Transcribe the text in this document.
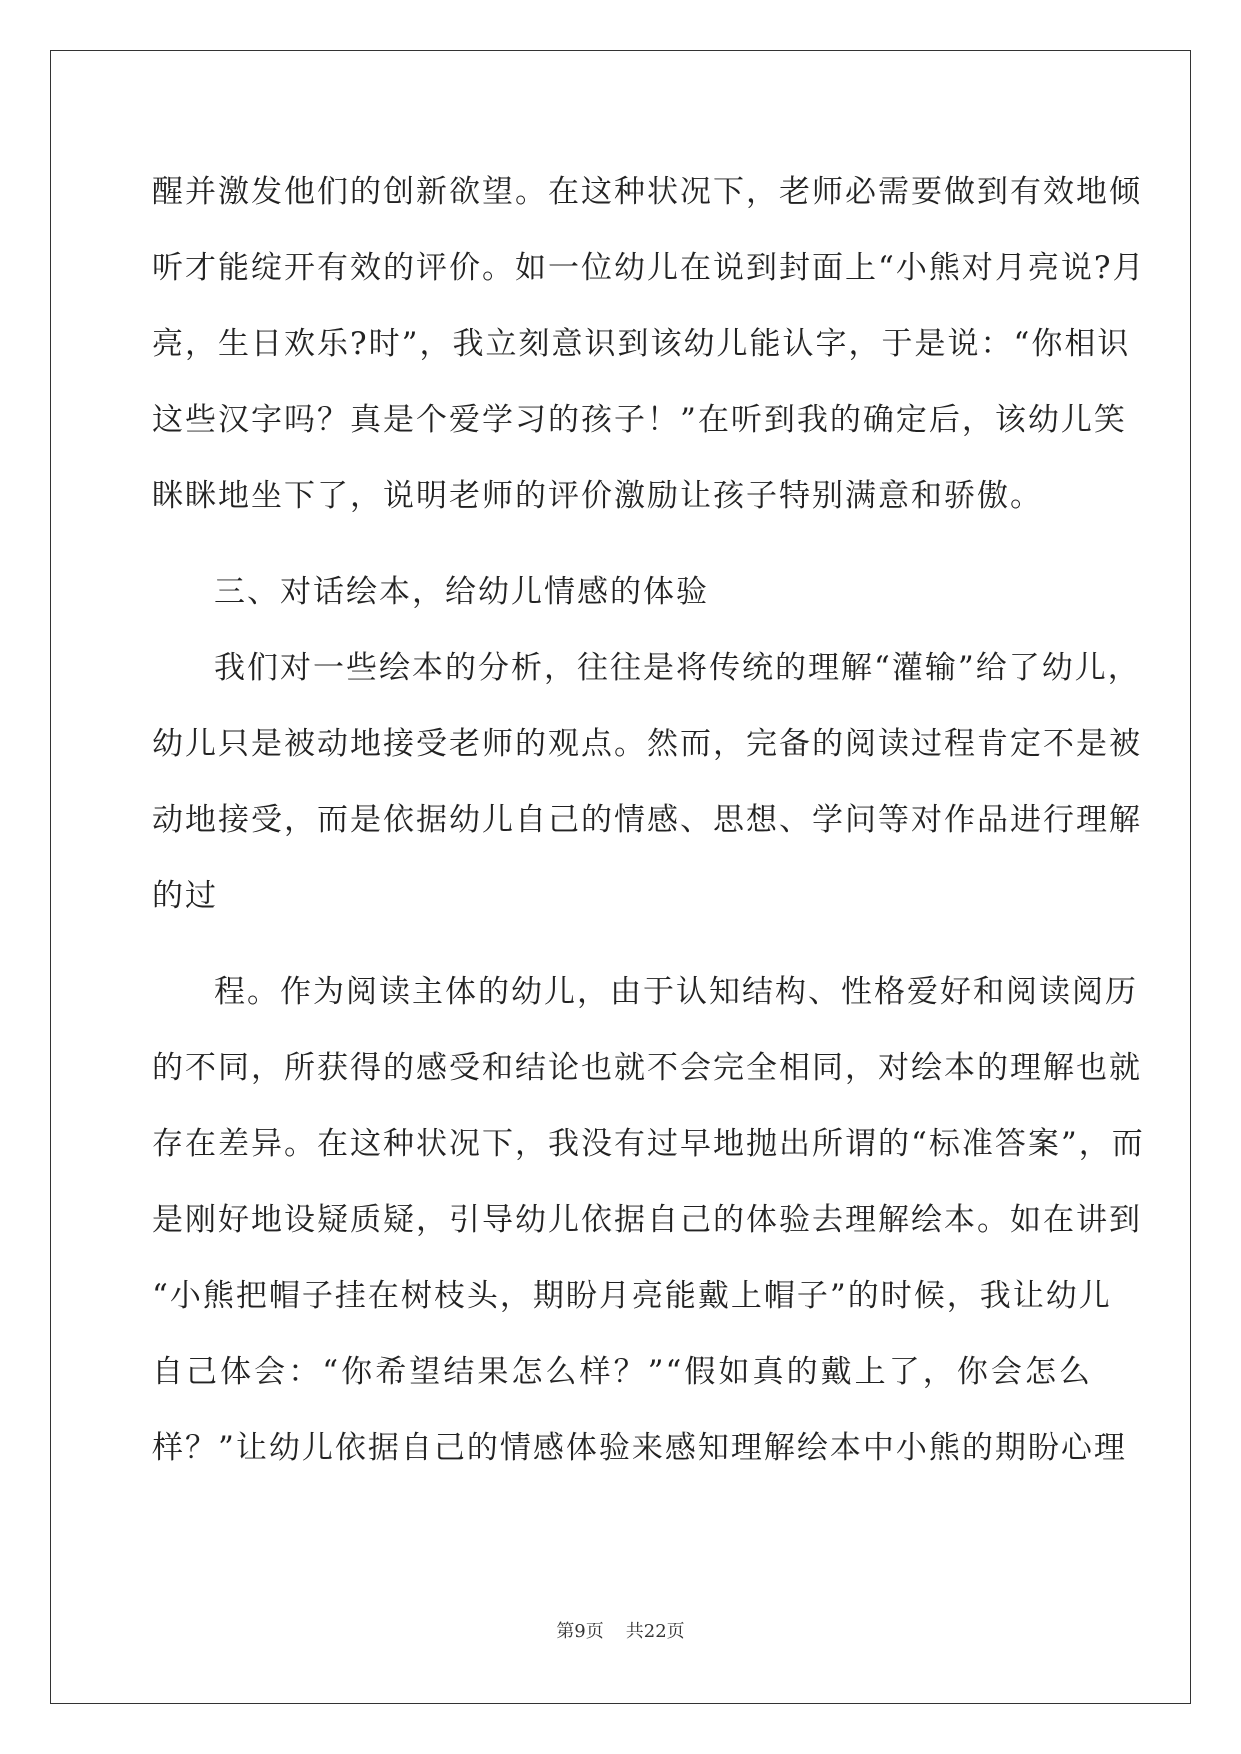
醒并激发他们的创新欲望。在这种状况下，老师必需要做到有效地倾
听才能绽开有效的评价。如一位幼儿在说到封面上“小熊对月亮说?月
亮，生日欢乐?时”，我立刻意识到该幼儿能认字，于是说：“你相识
这些汉字吗？真是个爱学习的孩子！”在听到我的确定后，该幼儿笑
眯眯地坐下了，说明老师的评价激励让孩子特别满意和骄傲。
三、对话绘本，给幼儿情感的体验
我们对一些绘本的分析，往往是将传统的理解“灌输”给了幼儿，
幼儿只是被动地接受老师的观点。然而，完备的阅读过程肯定不是被
动地接受，而是依据幼儿自己的情感、思想、学问等对作品进行理解
的过
程。作为阅读主体的幼儿，由于认知结构、性格爱好和阅读阅历
的不同，所获得的感受和结论也就不会完全相同，对绘本的理解也就
存在差异。在这种状况下，我没有过早地抛出所谓的“标准答案”，而
是刚好地设疑质疑，引导幼儿依据自己的体验去理解绘本。如在讲到
“小熊把帽子挂在树枝头，期盼月亮能戴上帽子”的时候，我让幼儿
自己体会：“你希望结果怎么样？”“假如真的戴上了，你会怎么
样？”让幼儿依据自己的情感体验来感知理解绘本中小熊的期盼心理
第9页 共22页
